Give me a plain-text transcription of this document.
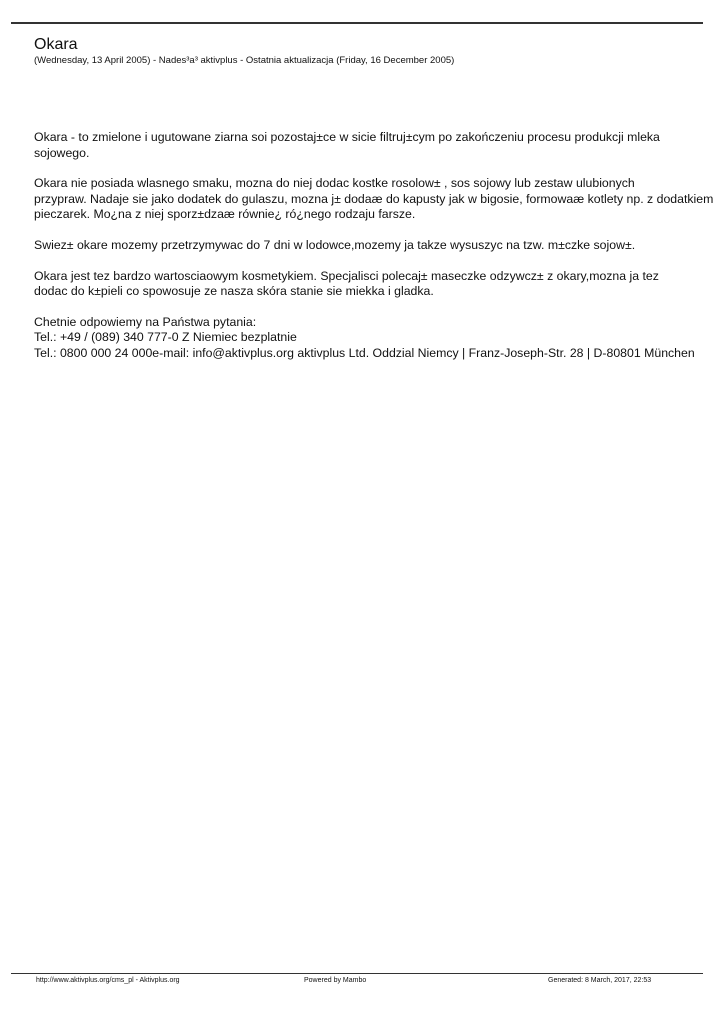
Okara
(Wednesday, 13 April 2005) - Nades³a³ aktivplus - Ostatnia aktualizacja (Friday, 16 December 2005)
Okara - to zmielone i ugutowane ziarna soi pozostaj±ce w sicie filtruj±cym po zakończeniu procesu produkcji mleka
sojowego.
Okara nie posiada wlasnego smaku, mozna do niej dodac kostke rosolow± , sos sojowy lub zestaw ulubionych
przypraw. Nadaje sie jako dodatek do gulaszu, mozna j± dodaæ do kapusty jak w bigosie, formowaæ kotlety np. z dodatkiem
pieczarek. Mo¿na z niej sporz±dzaæ równie¿ ró¿nego rodzaju farsze.
Swiez± okare mozemy przetrzymywac do 7 dni w lodowce,mozemy ja takze wysuszyc na tzw. m±czke sojow±.
Okara jest tez bardzo wartosciaowym kosmetykiem. Specjalisci polecaj± maseczke odzywcz± z okary,mozna ja tez
dodac do k±pieli co spowosuje ze nasza skóra stanie sie miekka i gladka.
Chetnie odpowiemy na Państwa pytania:
Tel.: +49 / (089) 340 777-0 Z Niemiec bezplatnie
Tel.: 0800 000 24 000e-mail: info@aktivplus.org aktivplus Ltd. Oddzial Niemcy | Franz-Joseph-Str. 28 | D-80801 München
http://www.aktivplus.org/cms_pl - Aktivplus.org	Powered by Mambo	Generated: 8 March, 2017, 22:53
